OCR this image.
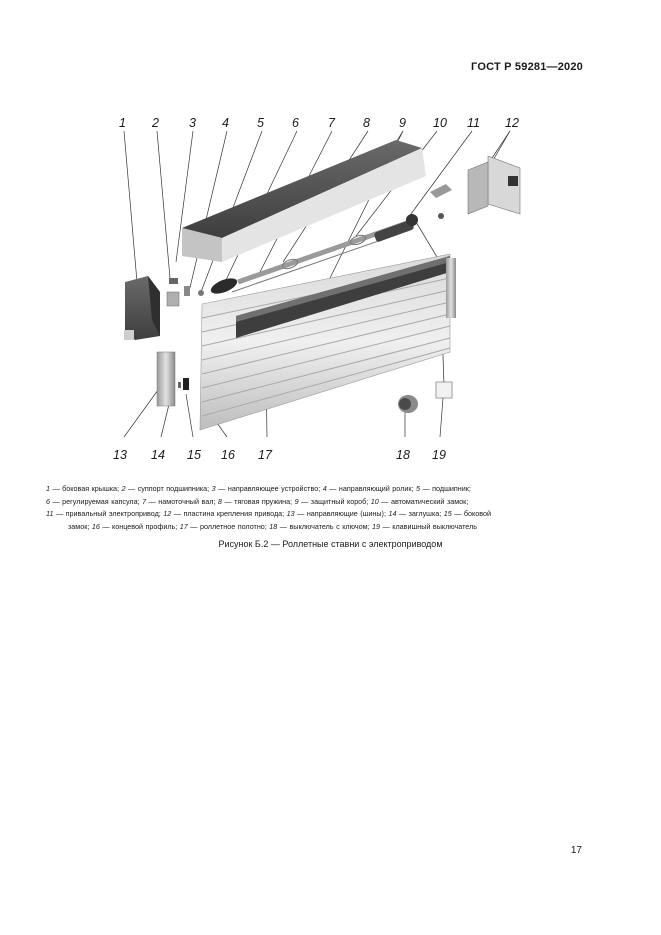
ГОСТ Р 59281—2020
1 2 3 4 5 6 7 8 9 10 11 12
13 14 15 16 17	18 19
1 — боковая крышка; 2 — суппорт подшипника; 3 — направляющее устройство; 4 — направляющий ролик; 5 — подшипник;
6 — регулируемая капсула; 7 — намоточный вал; 8 — тяговая пружина; 9 — защитный короб; 10 — автоматический замок;
11 — привальный электропривод; 12 — пластина крепления привода; 13 — направляющие (шины); 14 — заглушка; 15 — боковой
замок; 16 — концевой профиль; 17 — роллетное полотно; 18 — выключатель с ключом; 19 — клавишный выключатель
Рисунок Б.2 — Роллетные ставни с электроприводом
17
